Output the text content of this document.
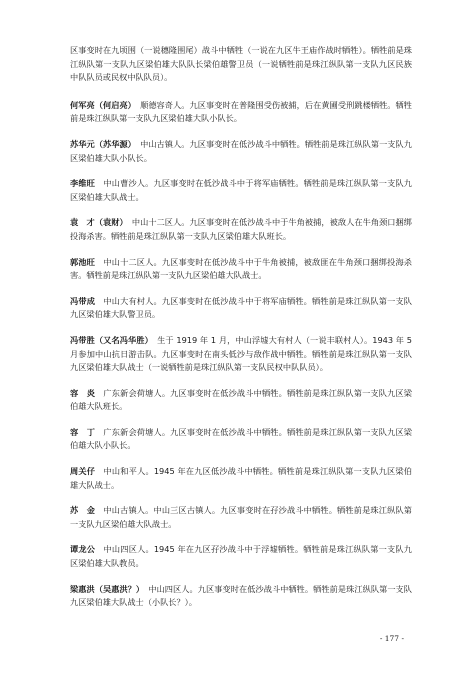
区事变时在九顷围（一说穗隆围尾）战斗中牺牲（一说在九区牛王庙作战时牺牲）。牺牲前是珠江纵队第一支队九区梁伯雄大队队长梁伯雄警卫员（一说牺牲前是珠江纵队第一支队九区民族中队队员或民权中队队员）。

何军亮（何启亮）　 顺德容奇人。九区事变时在普隆围受伤被捕，后在黄圃受刑跳楼牺牲。牺牲前是珠江纵队第一支队九区梁伯雄大队小队长。

苏华元（苏华源）　 中山古镇人。九区事变时在低沙战斗中牺牲。牺牲前是珠江纵队第一支队九区梁伯雄大队小队长。

李维旺　 中山曹沙人。九区事变时在低沙战斗中于将军庙牺牲。牺牲前是珠江纵队第一支队九区梁伯雄大队战士。

袁　才（袁财）　 中山十二区人。九区事变时在低沙战斗中于牛角被捕，被敌人在牛角颈口捆绑投海杀害。牺牲前是珠江纵队第一支队九区梁伯雄大队班长。

郭池旺　 中山十二区人。九区事变时在低沙战斗中于牛角被捕，被敌匪在牛角颈口捆绑投海杀害。牺牲前是珠江纵队第一支队九区梁伯雄大队战士。

冯带成　 中山大有村人。九区事变时在低沙战斗中于将军庙牺牲。牺牲前是珠江纵队第一支队九区梁伯雄大队警卫员。

冯带胜（又名冯华胜）　 生于 1919 年 1 月，中山浮墟大有村人（一说丰联村人）。1943 年 5 月参加中山抗日游击队。九区事变时在南头低沙与敌作战中牺牲。牺牲前是珠江纵队第一支队九区梁伯雄大队战士（一说牺牲前是珠江纵队第一支队民权中队队员）。

容　炎　 广东新会荷塘人。九区事变时在低沙战斗中牺牲。牺牲前是珠江纵队第一支队九区梁伯雄大队班长。

容　丁　 广东新会荷塘人。九区事变时在低沙战斗中牺牲。牺牲前是珠江纵队第一支队九区梁伯雄大队小队长。

周关仔　 中山和平人。1945 年在九区低沙战斗中牺牲。牺牲前是珠江纵队第一支队九区梁伯雄大队战士。

苏　金　 中山古镇人。中山三区古镇人。九区事变时在孖沙战斗中牺牲。牺牲前是珠江纵队第一支队九区梁伯雄大队战士。

谭龙公　 中山四区人。1945 年在九区孖沙战斗中于浮墟牺牲。牺牲前是珠江纵队第一支队九区梁伯雄大队教员。

梁惠洪（吴惠洪？）　 中山四区人。九区事变时在低沙战斗中牺牲。牺牲前是珠江纵队第一支队九区梁伯雄大队战士（小队长？）。

- 177 -
